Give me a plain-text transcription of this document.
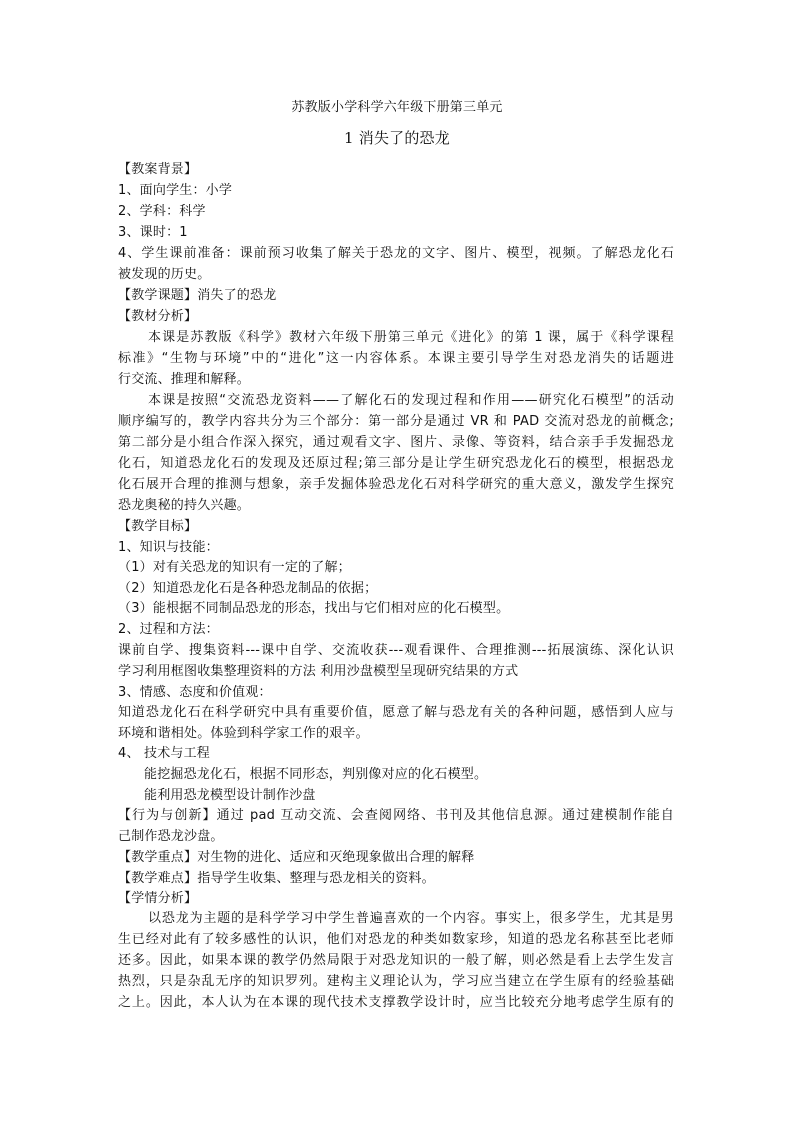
苏教版小学科学六年级下册第三单元
1 消失了的恐龙
【教案背景】
1、面向学生：小学
2、学科：科学
3、课时：1
4、学生课前准备：课前预习收集了解关于恐龙的文字、图片、模型，视频。了解恐龙化石
被发现的历史。
【教学课题】消失了的恐龙
【教材分析】
本课是苏教版《科学》教材六年级下册第三单元《进化》的第 1 课，属于《科学课程
标准》“生物与环境”中的“进化”这一内容体系。本课主要引导学生对恐龙消失的话题进
行交流、推理和解释。
本课是按照“交流恐龙资料——了解化石的发现过程和作用——研究化石模型”的活动
顺序编写的，教学内容共分为三个部分：第一部分是通过 VR 和 PAD 交流对恐龙的前概念;
第二部分是小组合作深入探究，通过观看文字、图片、录像、等资料，结合亲手手发掘恐龙
化石，知道恐龙化石的发现及还原过程;第三部分是让学生研究恐龙化石的模型，根据恐龙
化石展开合理的推测与想象，亲手发掘体验恐龙化石对科学研究的重大意义，激发学生探究
恐龙奥秘的持久兴趣。
【教学目标】
1、知识与技能：
（1）对有关恐龙的知识有一定的了解；
（2）知道恐龙化石是各种恐龙制品的依据；
（3）能根据不同制品恐龙的形态，找出与它们相对应的化石模型。
2、过程和方法：
课前自学、搜集资料---课中自学、交流收获---观看课件、合理推测---拓展演练、深化认识
学习利用框图收集整理资料的方法 利用沙盘模型呈现研究结果的方式
3、情感、态度和价值观：
知道恐龙化石在科学研究中具有重要价值，愿意了解与恐龙有关的各种问题，感悟到人应与
环境和谐相处。体验到科学家工作的艰辛。
4、 技术与工程
能挖掘恐龙化石，根据不同形态，判别像对应的化石模型。
能利用恐龙模型设计制作沙盘
【行为与创新】通过 pad 互动交流、会查阅网络、书刊及其他信息源。通过建模制作能自
己制作恐龙沙盘。
【教学重点】对生物的进化、适应和灭绝现象做出合理的解释
【教学难点】指导学生收集、整理与恐龙相关的资料。
【学情分析】
以恐龙为主题的是科学学习中学生普遍喜欢的一个内容。事实上，很多学生，尤其是男
生已经对此有了较多感性的认识，他们对恐龙的种类如数家珍，知道的恐龙名称甚至比老师
还多。因此，如果本课的教学仍然局限于对恐龙知识的一般了解，则必然是看上去学生发言
热烈，只是杂乱无序的知识罗列。建构主义理论认为，学习应当建立在学生原有的经验基础
之上。因此，本人认为在本课的现代技术支撑教学设计时，应当比较充分地考虑学生原有的
